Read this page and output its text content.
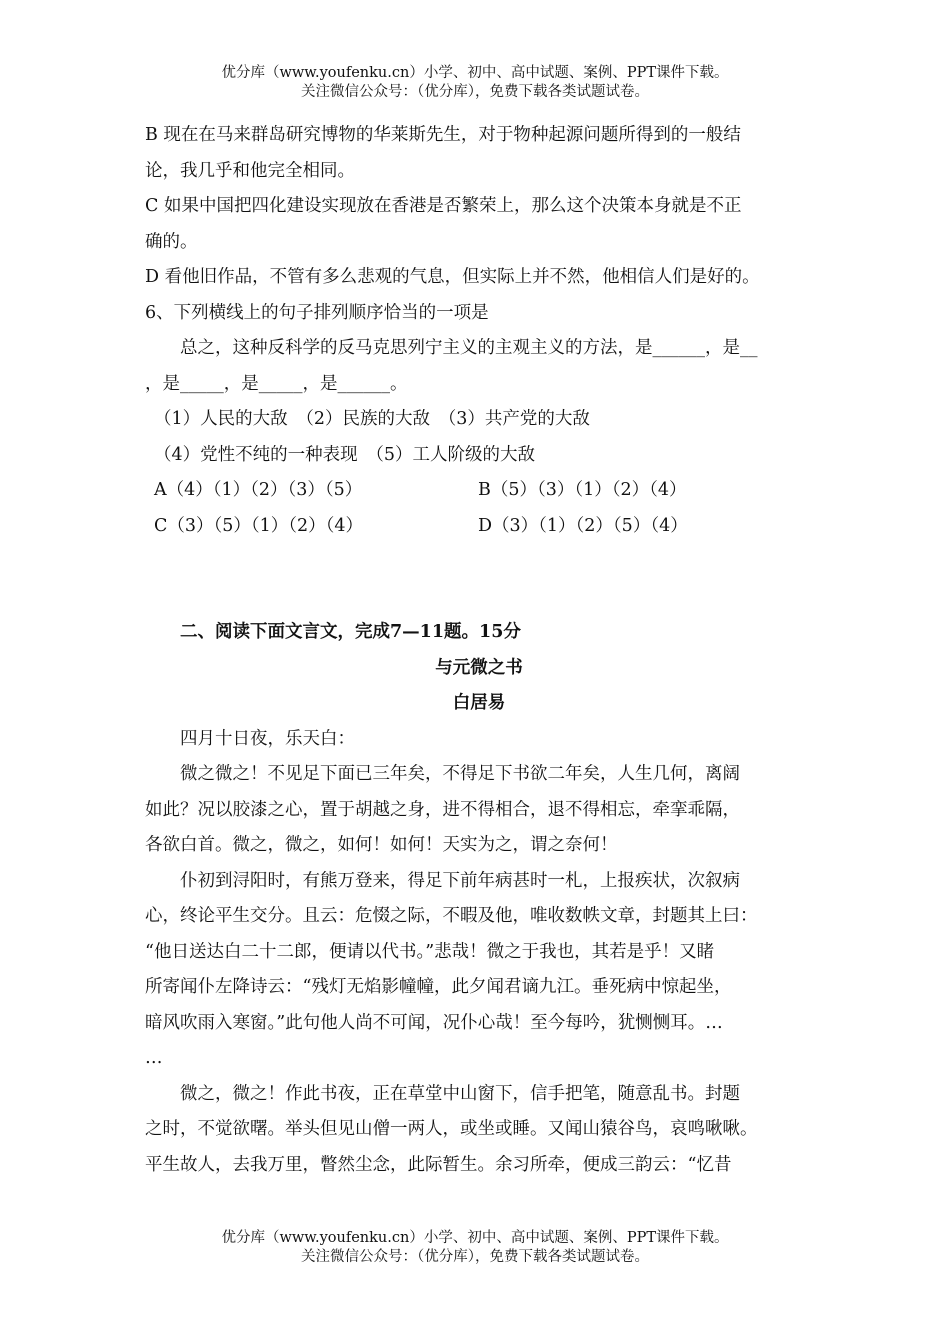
优分库（www.youfenku.cn）小学、初中、高中试题、案例、PPT课件下载。
关注微信公众号：（优分库），免费下载各类试题试卷。

B 现在在马来群岛研究博物的华莱斯先生，对于物种起源问题所得到的一般结

论，我几乎和他完全相同。

C 如果中国把四化建设实现放在香港是否繁荣上，那么这个决策本身就是不正

确的。

D 看他旧作品，不管有多么悲观的气息，但实际上并不然，他相信人们是好的。

6、下列横线上的句子排列顺序恰当的一项是

总之，这种反科学的反马克思列宁主义的主观主义的方法，是______，是__

，是_____，是_____，是______。

（1）人民的大敌　（2）民族的大敌　（3）共产党的大敌

（4）党性不纯的一种表现　（5）工人阶级的大敌

A（4）（1）（2）（3）（5）	B（5）（3）（1）（2）（4）
C（3）（5）（1）（2）（4）	D（3）（1）（2）（5）（4）

二、阅读下面文言文，完成7—11题。15分

与元微之书

白居易

四月十日夜，乐天白：

微之微之！不见足下面已三年矣，不得足下书欲二年矣，人生几何，离阔

如此？况以胶漆之心，置于胡越之身，进不得相合，退不得相忘，牵挛乖隔，

各欲白首。微之，微之，如何！如何！天实为之，谓之奈何！

仆初到浔阳时，有熊万登来，得足下前年病甚时一札，上报疾状，次叙病

心，终论平生交分。且云：危惙之际，不暇及他，唯收数帙文章，封题其上曰：

“他日送达白二十二郎，便请以代书。”悲哉！微之于我也，其若是乎！又睹

所寄闻仆左降诗云：“残灯无焰影幢幢，此夕闻君谪九江。垂死病中惊起坐，

暗风吹雨入寒窗。”此句他人尚不可闻，况仆心哉！至今每吟，犹恻恻耳。…

…

微之，微之！作此书夜，正在草堂中山窗下，信手把笔，随意乱书。封题

之时，不觉欲曙。举头但见山僧一两人，或坐或睡。又闻山猿谷鸟，哀鸣啾啾。

平生故人，去我万里，瞥然尘念，此际暂生。余习所牵，便成三韵云：“忆昔

优分库（www.youfenku.cn）小学、初中、高中试题、案例、PPT课件下载。
关注微信公众号：（优分库），免费下载各类试题试卷。
